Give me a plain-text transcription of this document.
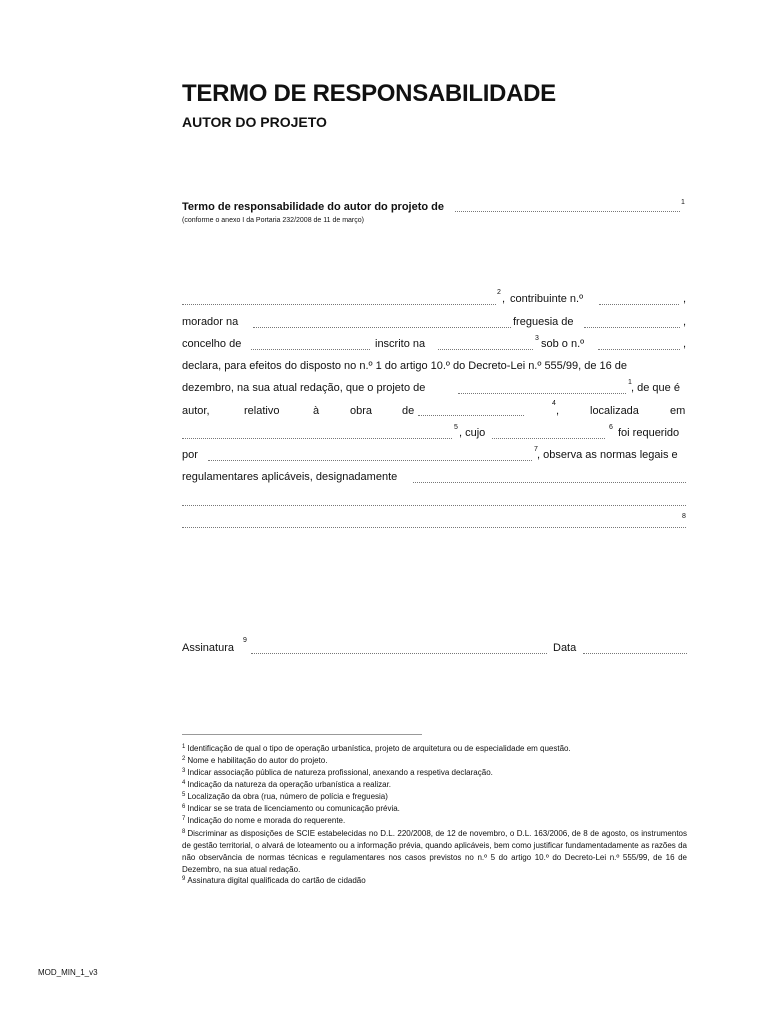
TERMO DE RESPONSABILIDADE
AUTOR DO PROJETO
Termo de responsabilidade do autor do projeto de	1
(conforme o anexo I da Portaria 232/2008 de 11 de março)
2
, contribuinte n.º	,
morador na	freguesia de	,
concelho de	inscrito na	3 sob o n.º	,
declara, para efeitos do disposto no n.º 1 do artigo 10.º do Decreto-Lei n.º 555/99, de 16 de
dezembro, na sua atual redação, que o projeto de	1 , de que é
autor,	relativo	à	obra	de
4
,	localizada	em
5 , cujo	6 foi requerido
por	7 , observa as normas legais e
regulamentares aplicáveis, designadamente
8
Assinatura
9
Data
$^1$ Identificação de qual o tipo de operação urbanística, projeto de arquitetura ou de especialidade em questão.
$^2$ Nome e habilitação do autor do projeto.
$^3$ Indicar associação pública de natureza profissional, anexando a respetiva declaração.
$^4$ Indicação da natureza da operação urbanística a realizar.
$^5$ Localização da obra (rua, número de polícia e freguesia)
$^6$ Indicar se se trata de licenciamento ou comunicação prévia.
$^7$ Indicação do nome e morada do requerente.
$^8$ Discriminar as disposições de SCIE estabelecidas no D.L. 220/2008, de 12 de novembro, o D.L. 163/2006, de 8 de agosto, os instrumentos de gestão territorial, o alvará de loteamento ou a informação prévia, quando aplicáveis, bem como justificar fundamentadamente as razões da não observância de normas técnicas e regulamentares nos casos previstos no n.º 5 do artigo 10.º do Decreto-Lei n.º 555/99, de 16 de Dezembro, na sua atual redação.
$^9$ Assinatura digital qualificada do cartão de cidadão
MOD_MIN_1_v3
